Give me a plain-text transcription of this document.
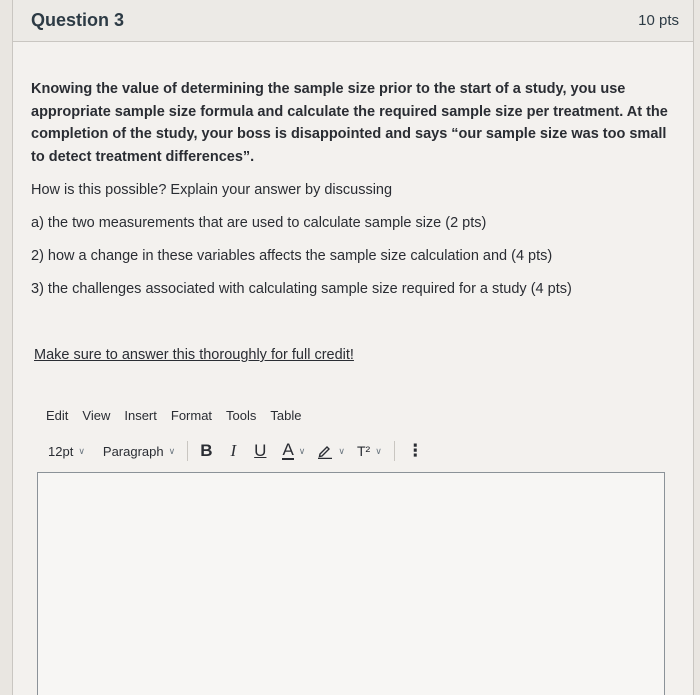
Question 3	10 pts

Knowing the value of determining the sample size prior to the start of a study, you use appropriate sample size formula and calculate the required sample size per treatment. At the completion of the study, your boss is disappointed and says “our sample size was too small to detect treatment differences”.

How is this possible? Explain your answer by discussing

a) the two measurements that are used to calculate sample size (2 pts)

2) how a change in these variables affects the sample size calculation and (4 pts)

3) the challenges associated with calculating sample size required for a study (4 pts)

Make sure to answer this thoroughly for full credit!
Edit View Insert Format Tools Table
12pt ∨ Paragraph ∨ B I U A ∨	∨ T² ∨ ⋮
